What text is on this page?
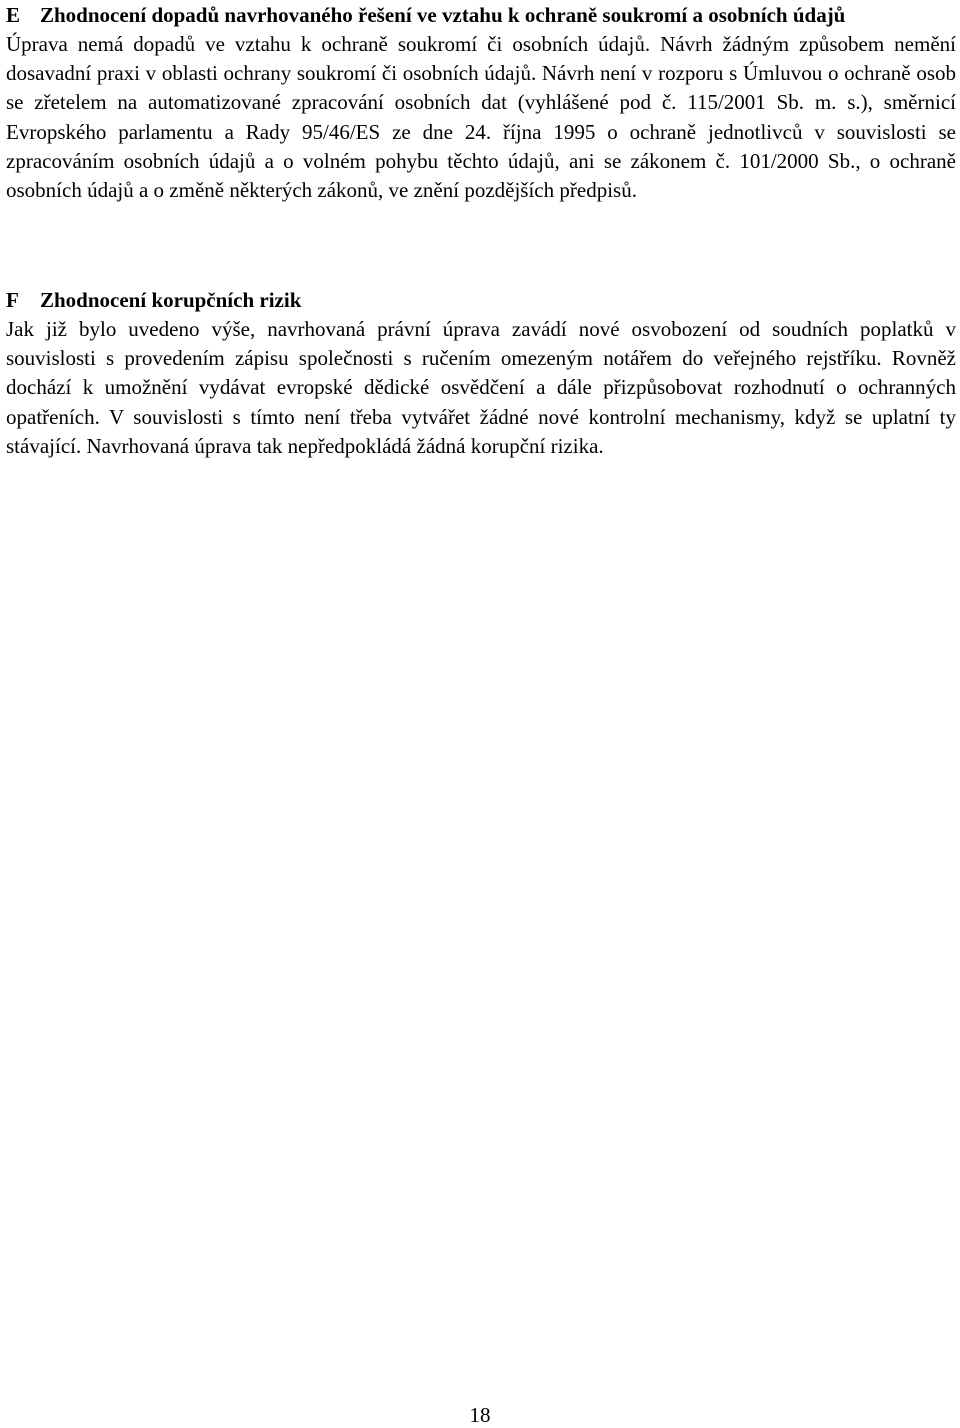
E Zhodnocení dopadů navrhovaného řešení ve vztahu k ochraně soukromí a osobních údajů

Úprava nemá dopadů ve vztahu k ochraně soukromí či osobních údajů. Návrh žádným způsobem nemění dosavadní praxi v oblasti ochrany soukromí či osobních údajů. Návrh není v rozporu s Úmluvou o ochraně osob se zřetelem na automatizované zpracování osobních dat (vyhlášené pod č. 115/2001 Sb. m. s.), směrnicí Evropského parlamentu a Rady 95/46/ES ze dne 24. října 1995 o ochraně jednotlivců v souvislosti se zpracováním osobních údajů a o volném pohybu těchto údajů, ani se zákonem č. 101/2000 Sb., o ochraně osobních údajů a o změně některých zákonů, ve znění pozdějších předpisů.

F	Zhodnocení korupčních rizik

Jak již bylo uvedeno výše, navrhovaná právní úprava zavádí nové osvobození od soudních poplatků v souvislosti s provedením zápisu společnosti s ručením omezeným notářem do veřejného rejstříku. Rovněž dochází k umožnění vydávat evropské dědické osvědčení a dále přizpůsobovat rozhodnutí o ochranných opatřeních. V souvislosti s tímto není třeba vytvářet žádné nové kontrolní mechanismy, když se uplatní ty stávající. Navrhovaná úprava tak nepředpokládá žádná korupční rizika.

18
